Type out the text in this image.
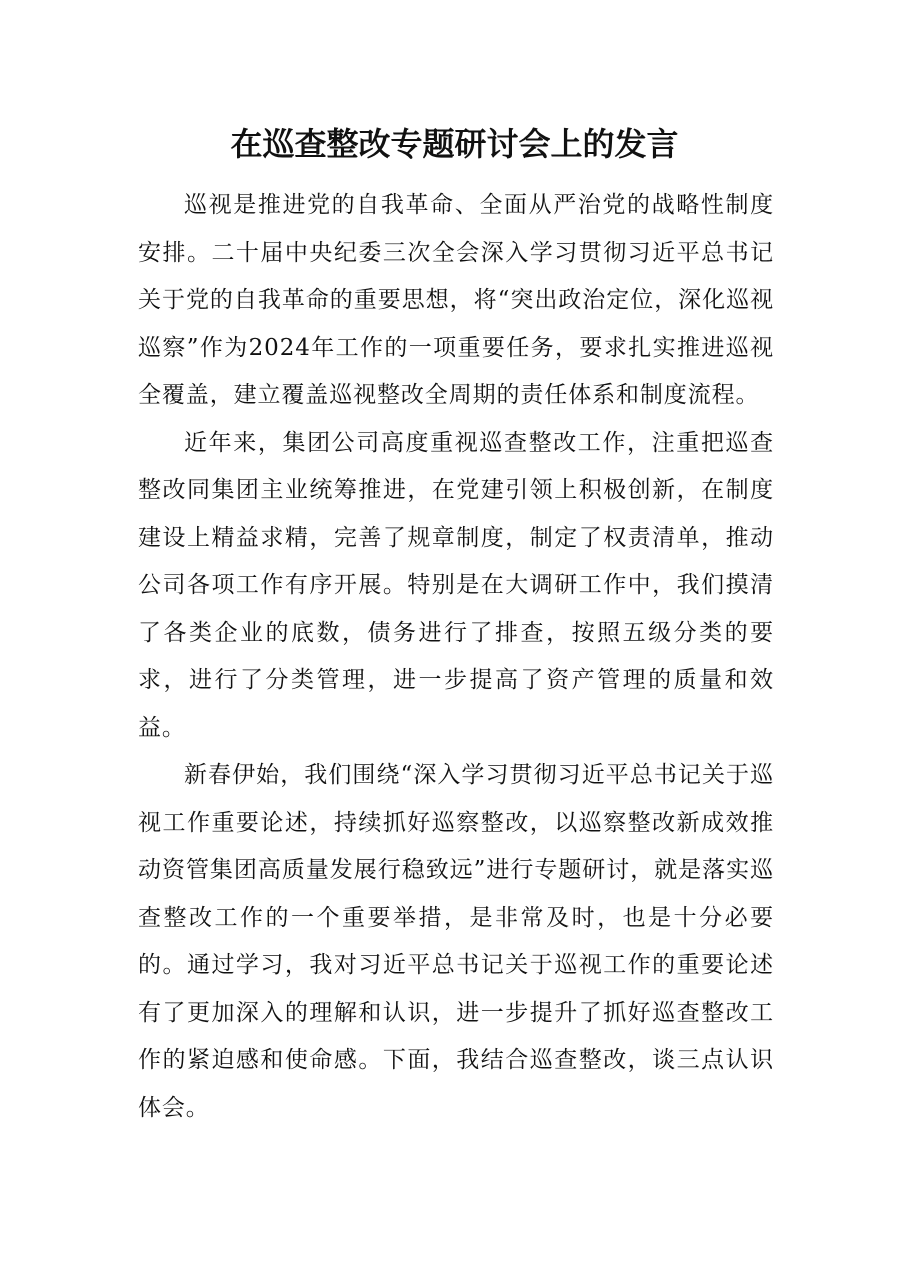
在巡查整改专题研讨会上的发言

巡视是推进党的自我革命、全面从严治党的战略性制度安排。二十届中央纪委三次全会深入学习贯彻习近平总书记关于党的自我革命的重要思想，将“突出政治定位，深化巡视巡察”作为2024年工作的一项重要任务，要求扎实推进巡视全覆盖，建立覆盖巡视整改全周期的责任体系和制度流程。

近年来，集团公司高度重视巡查整改工作，注重把巡查整改同集团主业统筹推进，在党建引领上积极创新，在制度建设上精益求精，完善了规章制度，制定了权责清单，推动公司各项工作有序开展。特别是在大调研工作中，我们摸清了各类企业的底数，债务进行了排查，按照五级分类的要求，进行了分类管理，进一步提高了资产管理的质量和效益。

新春伊始，我们围绕“深入学习贯彻习近平总书记关于巡视工作重要论述，持续抓好巡察整改，以巡察整改新成效推动资管集团高质量发展行稳致远”进行专题研讨，就是落实巡查整改工作的一个重要举措，是非常及时，也是十分必要的。通过学习，我对习近平总书记关于巡视工作的重要论述有了更加深入的理解和认识，进一步提升了抓好巡查整改工作的紧迫感和使命感。下面，我结合巡查整改，谈三点认识体会。
